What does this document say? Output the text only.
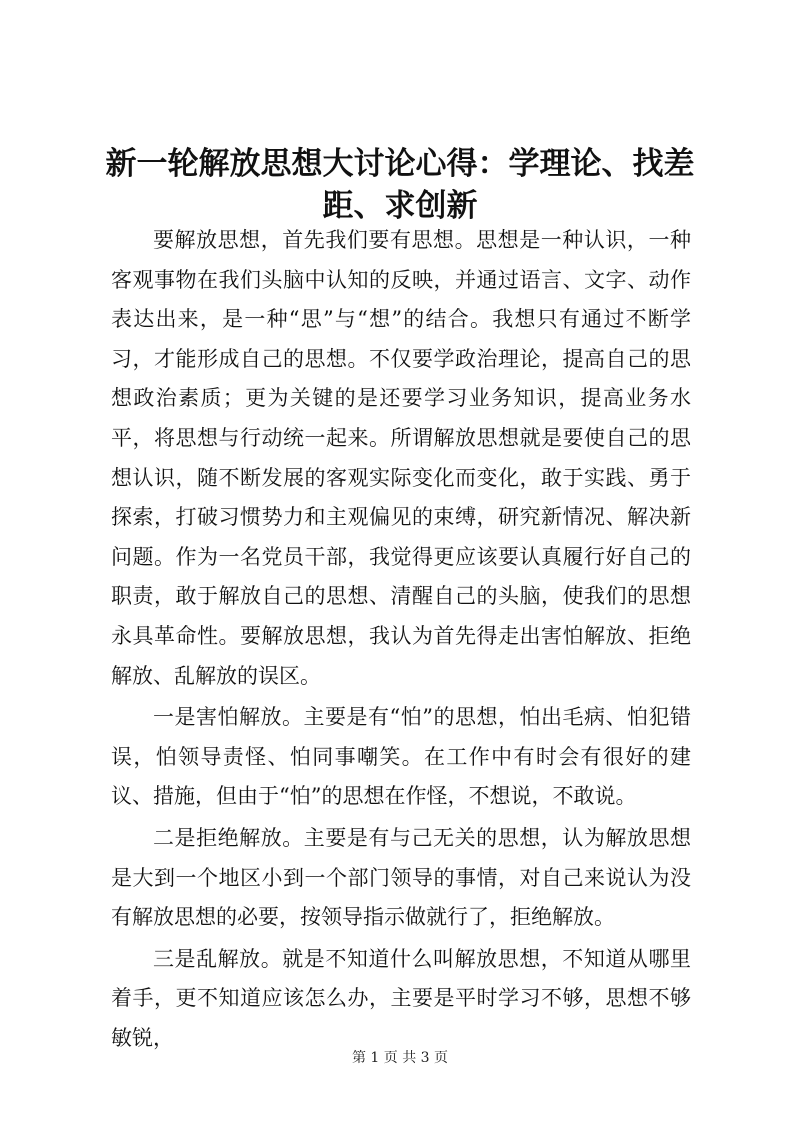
新一轮解放思想大讨论心得：学理论、找差
距、求创新

要解放思想，首先我们要有思想。思想是一种认识，一种客观事物在我们头脑中认知的反映，并通过语言、文字、动作表达出来，是一种“思”与“想”的结合。我想只有通过不断学习，才能形成自己的思想。不仅要学政治理论，提高自己的思想政治素质；更为关键的是还要学习业务知识，提高业务水平，将思想与行动统一起来。所谓解放思想就是要使自己的思想认识，随不断发展的客观实际变化而变化，敢于实践、勇于探索，打破习惯势力和主观偏见的束缚，研究新情况、解决新问题。作为一名党员干部，我觉得更应该要认真履行好自己的职责，敢于解放自己的思想、清醒自己的头脑，使我们的思想永具革命性。要解放思想，我认为首先得走出害怕解放、拒绝解放、乱解放的误区。

一是害怕解放。主要是有“怕”的思想，怕出毛病、怕犯错误，怕领导责怪、怕同事嘲笑。在工作中有时会有很好的建议、措施，但由于“怕”的思想在作怪，不想说，不敢说。

二是拒绝解放。主要是有与己无关的思想，认为解放思想是大到一个地区小到一个部门领导的事情，对自己来说认为没有解放思想的必要，按领导指示做就行了，拒绝解放。

三是乱解放。就是不知道什么叫解放思想，不知道从哪里着手，更不知道应该怎么办，主要是平时学习不够，思想不够敏锐，

第 1 页 共 3 页
